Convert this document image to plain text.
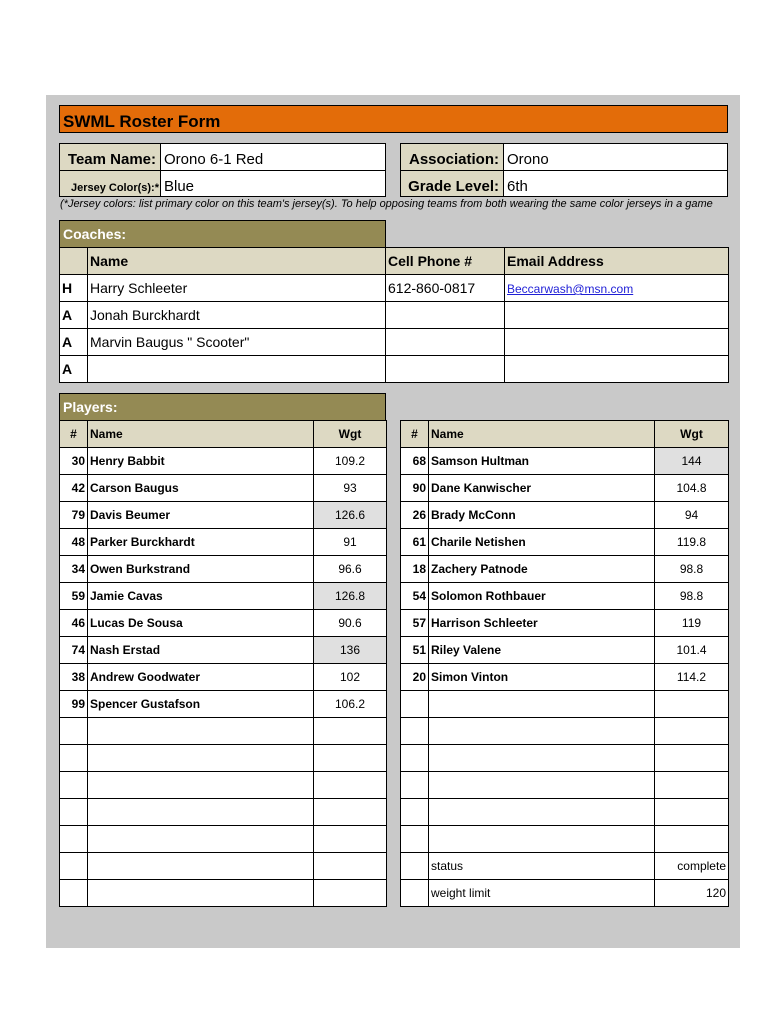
SWML Roster Form
Team Name: Orono 6-1 Red	Association: Orono
Jersey Color(s):* Blue	Grade Level: 6th
(*Jersey colors: list primary color on this team's jersey(s). To help opposing teams from both wearing the same color jerseys in a game
Coaches:
	Name	Cell Phone #	Email Address
H	Harry Schleeter	612-860-0817	Beccarwash@msn.com
A	Jonah Burckhardt		
A	Marvin Baugus " Scooter"		
A			
Players:
#	Name	Wgt
30	Henry Babbit	109.2
42	Carson Baugus	93
79	Davis Beumer	126.6
48	Parker Burckhardt	91
34	Owen Burkstrand	96.6
59	Jamie Cavas	126.8
46	Lucas De Sousa	90.6
74	Nash Erstad	136
38	Andrew Goodwater	102
99	Spencer Gustafson	106.2

#	Name	Wgt
68	Samson Hultman	144
90	Dane Kanwischer	104.8
26	Brady McConn	94
61	Charile Netishen	119.8
18	Zachery Patnode	98.8
54	Solomon Rothbauer	98.8
57	Harrison Schleeter	119
51	Riley Valene	101.4
20	Simon Vinton	114.2

	status	complete
	weight limit	120
